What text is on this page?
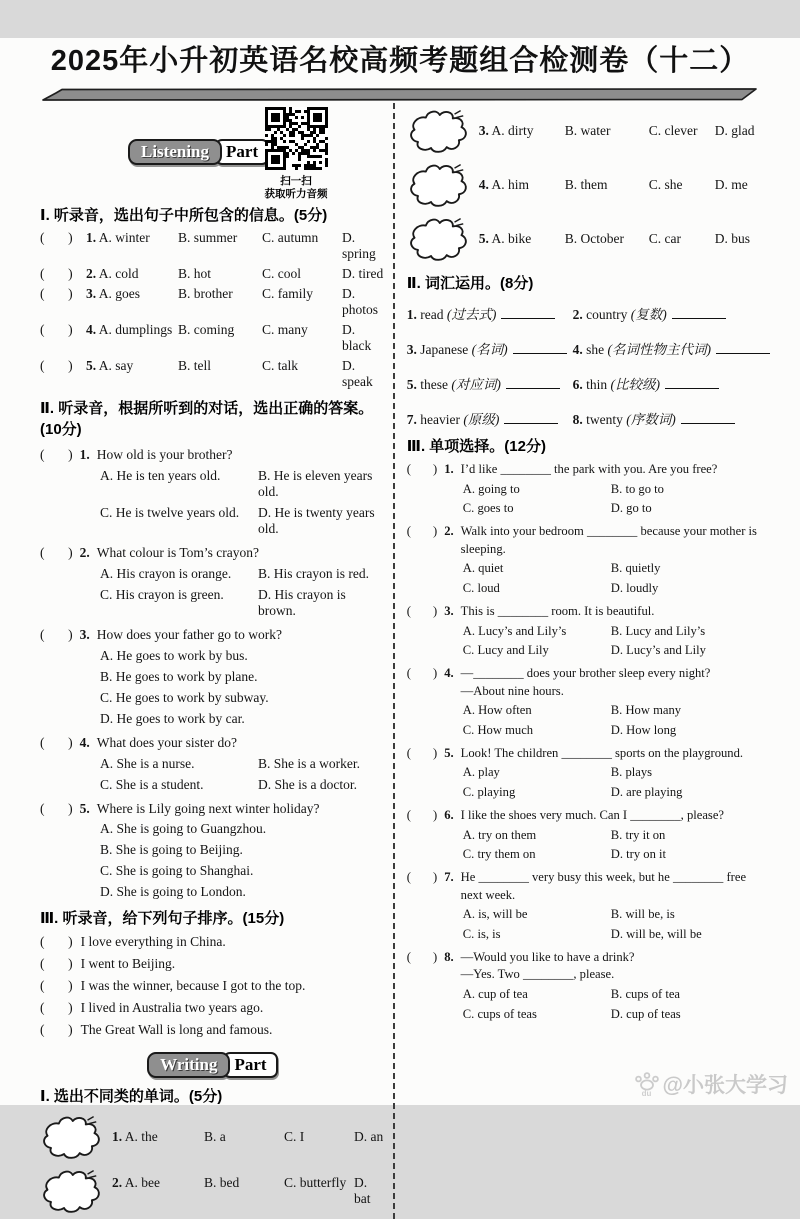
2025年小升初英语名校高频考题组合检测卷（十二）
Listening	Part
扫一扫
获取听力音频
Ⅰ. 听录音，选出句子中所包含的信息。(5分)
(       ) 1. A. winter	B. summer	C. autumn	D. spring
(       ) 2. A. cold	B. hot	C. cool	D. tired
(       ) 3. A. goes	B. brother	C. family	D. photos
(       ) 4. A. dumplings B. coming	C. many	D. black
(       ) 5. A. say	B. tell	C. talk	D. speak
Ⅱ. 听录音，根据所听到的对话，选出正确的答案。(10分)
(       ) 1. How old is your brother?
A. He is ten years old.	B. He is eleven years old.
C. He is twelve years old.	D. He is twenty years old.
(       ) 2. What colour is Tom’s crayon?
A. His crayon is orange.	B. His crayon is red.
C. His crayon is green.	D. His crayon is brown.
(       ) 3. How does your father go to work?
A. He goes to work by bus.
B. He goes to work by plane.
C. He goes to work by subway.
D. He goes to work by car.
(       ) 4. What does your sister do?
A. She is a nurse.	B. She is a worker.
C. She is a student.	D. She is a doctor.
(       ) 5. Where is Lily going next winter holiday?
A. She is going to Guangzhou.
B. She is going to Beijing.
C. She is going to Shanghai.
D. She is going to London.
Ⅲ. 听录音，给下列句子排序。(15分)
(       ) I love everything in China.
(       ) I went to Beijing.
(       ) I was the winner, because I got to the top.
(       ) I lived in Australia two years ago.
(       ) The Great Wall is long and famous.
Writing	Part
Ⅰ. 选出不同类的单词。(5分)
1. A. the	B. a	C. I	D. an
2. A. bee	B. bed	C. butterfly D. bat
3. A. dirty	B. water	C. clever	D. glad
4. A. him	B. them	C. she	D. me
5. A. bike	B. October	C. car	D. bus
Ⅱ. 词汇运用。(8分)
1. read (过去式)	2. country (复数)
3. Japanese (名词)	4. she (名词性物主代词)
5. these (对应词)	6. thin (比较级)
7. heavier (原级)	8. twenty (序数词)
Ⅲ. 单项选择。(12分)
(       ) 1. I’d like ________ the park with you. Are you free?
A. going to	B. to go to
C. goes to	D. go to
(       ) 2. Walk into your bedroom ________ because your mother is sleeping.
A. quiet	B. quietly
C. loud	D. loudly
(       ) 3. This is ________ room. It is beautiful.
A. Lucy’s and Lily’s	B. Lucy and Lily’s
C. Lucy and Lily	D. Lucy’s and Lily
(       ) 4. —________ does your brother sleep every night?
—About nine hours.
A. How often	B. How many
C. How much	D. How long
(       ) 5. Look! The children ________ sports on the playground.
A. play	B. plays
C. playing	D. are playing
(       ) 6. I like the shoes very much. Can I ________, please?
A. try on them	B. try it on
C. try them on	D. try on it
(       ) 7. He ________ very busy this week, but he ________ free next week.
A. is, will be	B. will be, is
C. is, is	D. will be, will be
(       ) 8. —Would you like to have a drink?
—Yes. Two ________, please.
A. cup of tea	B. cups of tea
C. cups of teas	D. cup of teas
du @小张大学习
